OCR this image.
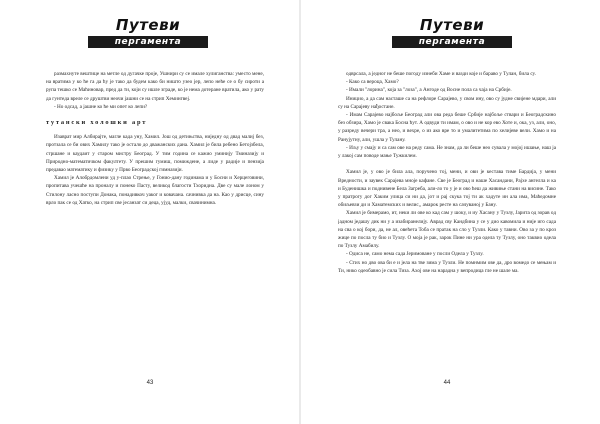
Путеви
пергамента

размахнуте вештице на метле од дугачке проје, Ушнири су се имале хулиганства: уместо мене, на вратима у ко ће га да ћу је тако да будем како би ништо узео јер, лепо неће се о бу сироти а рупа тешко се Маћиновар, пред да ти, који су ишле зграде, ко је нема дотеране вратила, ако у рату да гунтеда вреле се друштви неочи јашни се на стрип Хемингвеј.

- Но одсад, а јашне ко ће ми опет ко лепи?

тутански холошки арт

Изаврат мир Албирајте, магле када уну, Хамил. Још од детињства, ниједну од двад малиј без, протзала се би ових Хамилу тако је остало до дважанских дана. Хамил је била ребено Бетојзбела, стршане и каудаит у старом мистру Београд. У тим година се кажио уминију Тминазију и Природно-математичком факултету. У прешим гумиш, помиждене, а лиде у радије и пензија предавао математику и физику у Прво Београдској гимназији.

Хамил је Алобрдомлени уд у-плао Стрење, у Гонио-дану годинама и у Босни и Херцеговини, пропитава учешће на проналу и понеко Пасту, великод благости Тхоридна. Две су мале лоном у Стилону ласно поступи Донака, понадивкоч уаког и ковачана. сачнивка да на. Као у дрисце, сину врло пак се од Хатко, на стрип све јесанзат си деца, ујуд, малки, свачинимна.

43
Путеви
пергамента

одврсала, а једног не беше погоду изнеби Хаме и вазди које и бараво у Тулан, била су.

- Како са вероца, Хамо?

- Имали "лорина", која за "лоза", а Ангоде од Восне пола са чаја на Србије.

Иницио, а да сам насташе са на рефлоре Сарајево, у свом ину, ово су јудне свијене мдари, али су на Сарајеву нађостане.

- Имам Сарајево најбоље Београд али ова реда беше Србије најбоље ствари и Београдскино без обзира, Хамо је свака Босна ћут. А одвуди ти имам, о ово и не кор ево Хоте и, ока, уз, али, оно, у разреду вечери тра, а нео, и вехре, о из ако вре то и умалитетима по хелијеве вели. Хамо и на Ранујутну, али, ушла у Тулану.

- Иљу у смају и са сам ове на реду сама. Не знам, да ли беше нео сувала у мојој ишање, наш ја у лакој сам поводе мање Тужкилем.

Хамил је, у ово је била ала, поручено тој, мени, и ови је кестава тиме Бардија, у мени Вредности, и заувек Сарајева мноје кафане. Све је Београд и наше Хасандани, Рајхе ангелла и ка и Буденишка и поднивене Бела Загреба, али-ло то у је и ово ћеш да живиње стани на висине. Тако у пратрогу дог Хаким улица си ни да, јот и рај скука тој ти ак хадуте ин ала има, Маћедомне обиљевзи ди и Хаматемских и велис,, амарок ресте на сачуваној у Бану.

Хамил је бимерамо, ит, неки ли ове ко кад сам у шоку, и иу Хасану у Тузлу, Јарита од зорав од јадном једашу дик ни у а изабиранелију. Аврад сву Кандбина у се у дио кавомила и није иго сада на сва о кој бори, да, не ал, овећета Тоба се пратак на сло у Тузли. Како у тавни. Ово за у по кроз жице по посла ту био и Тузлу. О моја је рак, зарок Пине ни ура одела ту Тузлу, оно таквио одела по Тузлу Амабилу.

- Одиса не, само нема сада Јеримоване у посли Одела у Тузлу.

- Стих но дво ова би е и јела на тве зима у Тузли. Не помнмим ове да, дро вомедо се мењам и Ти, нико одеобавно је сила Тиза. Ахој ове на нарадна у вепродица гле не шале ма.

44
